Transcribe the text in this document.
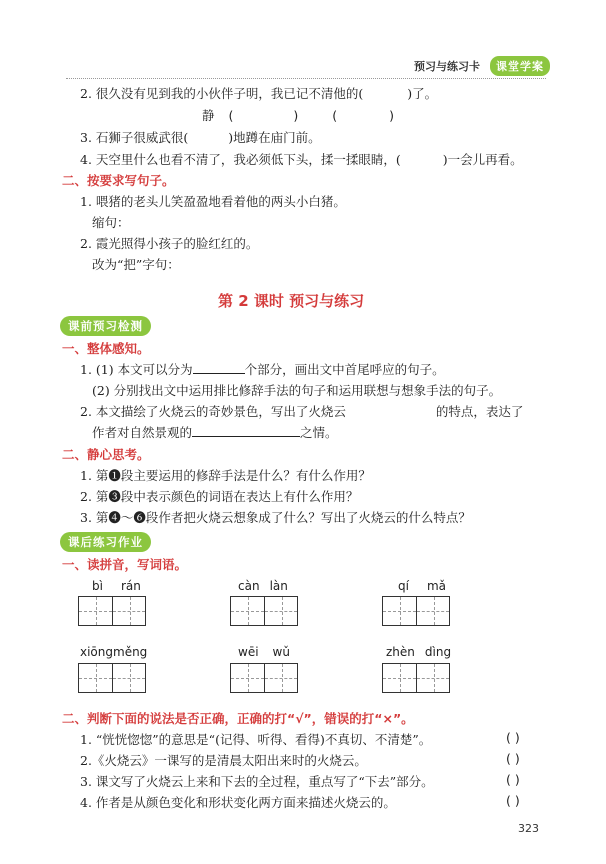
预习与练习卡	课堂学案
2. 很久没有见到我的小伙伴子明，我已记不清他的(	)了。
静 (	)	(	)
3. 石狮子很威武很(	)地蹲在庙门前。
4. 天空里什么也看不清了，我必须低下头，揉一揉眼睛，(	)一会儿再看。
二、按要求写句子。
1. 喂猪的老头儿笑盈盈地看着他的两头小白猪。
缩句：
2. 霞光照得小孩子的脸红红的。
改为“把”字句：
第 2 课时 预习与练习
课前预习检测
一、整体感知。
1. (1) 本文可以分为	个部分，画出文中首尾呼应的句子。
(2) 分别找出文中运用排比修辞手法的句子和运用联想与想象手法的句子。
2. 本文描绘了火烧云的奇妙景色，写出了火烧云	的特点，表达了
作者对自然景观的	之情。
二、静心思考。
1. 第❶段主要运用的修辞手法是什么？有什么作用？
2. 第❸段中表示颜色的词语在表达上有什么作用？
3. 第❹～❻段作者把火烧云想象成了什么？写出了火烧云的什么特点？
课后练习作业
一、读拼音，写词语。
bì rán	càn làn	qí mǎ
xiōngměng	wēi wǔ	zhèn dìng
二、判断下面的说法是否正确，正确的打“√”，错误的打“×”。
1. “恍恍惚惚”的意思是“(记得、听得、看得)不真切、不清楚”。	( )
2.《火烧云》一课写的是清晨太阳出来时的火烧云。	( )
3. 课文写了火烧云上来和下去的全过程，重点写了“下去”部分。	( )
4. 作者是从颜色变化和形状变化两方面来描述火烧云的。	( )
323
